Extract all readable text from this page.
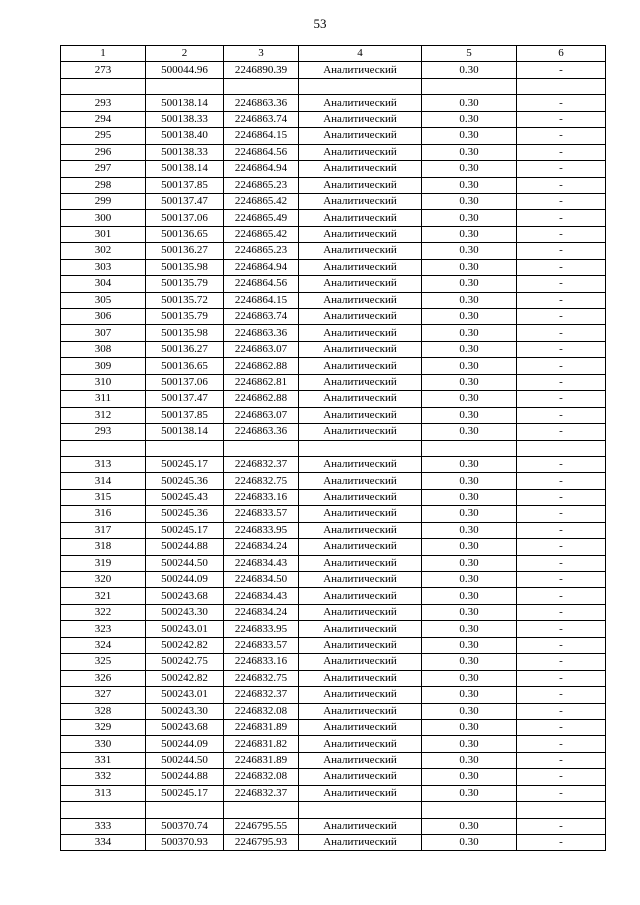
53
1	2	3	4	5	6
273	500044.96	2246890.39	Аналитический	0.30	-

293	500138.14	2246863.36	Аналитический	0.30	-
294	500138.33	2246863.74	Аналитический	0.30	-
295	500138.40	2246864.15	Аналитический	0.30	-
296	500138.33	2246864.56	Аналитический	0.30	-
297	500138.14	2246864.94	Аналитический	0.30	-
298	500137.85	2246865.23	Аналитический	0.30	-
299	500137.47	2246865.42	Аналитический	0.30	-
300	500137.06	2246865.49	Аналитический	0.30	-
301	500136.65	2246865.42	Аналитический	0.30	-
302	500136.27	2246865.23	Аналитический	0.30	-
303	500135.98	2246864.94	Аналитический	0.30	-
304	500135.79	2246864.56	Аналитический	0.30	-
305	500135.72	2246864.15	Аналитический	0.30	-
306	500135.79	2246863.74	Аналитический	0.30	-
307	500135.98	2246863.36	Аналитический	0.30	-
308	500136.27	2246863.07	Аналитический	0.30	-
309	500136.65	2246862.88	Аналитический	0.30	-
310	500137.06	2246862.81	Аналитический	0.30	-
311	500137.47	2246862.88	Аналитический	0.30	-
312	500137.85	2246863.07	Аналитический	0.30	-
293	500138.14	2246863.36	Аналитический	0.30	-

313	500245.17	2246832.37	Аналитический	0.30	-
314	500245.36	2246832.75	Аналитический	0.30	-
315	500245.43	2246833.16	Аналитический	0.30	-
316	500245.36	2246833.57	Аналитический	0.30	-
317	500245.17	2246833.95	Аналитический	0.30	-
318	500244.88	2246834.24	Аналитический	0.30	-
319	500244.50	2246834.43	Аналитический	0.30	-
320	500244.09	2246834.50	Аналитический	0.30	-
321	500243.68	2246834.43	Аналитический	0.30	-
322	500243.30	2246834.24	Аналитический	0.30	-
323	500243.01	2246833.95	Аналитический	0.30	-
324	500242.82	2246833.57	Аналитический	0.30	-
325	500242.75	2246833.16	Аналитический	0.30	-
326	500242.82	2246832.75	Аналитический	0.30	-
327	500243.01	2246832.37	Аналитический	0.30	-
328	500243.30	2246832.08	Аналитический	0.30	-
329	500243.68	2246831.89	Аналитический	0.30	-
330	500244.09	2246831.82	Аналитический	0.30	-
331	500244.50	2246831.89	Аналитический	0.30	-
332	500244.88	2246832.08	Аналитический	0.30	-
313	500245.17	2246832.37	Аналитический	0.30	-

333	500370.74	2246795.55	Аналитический	0.30	-
334	500370.93	2246795.93	Аналитический	0.30	-
